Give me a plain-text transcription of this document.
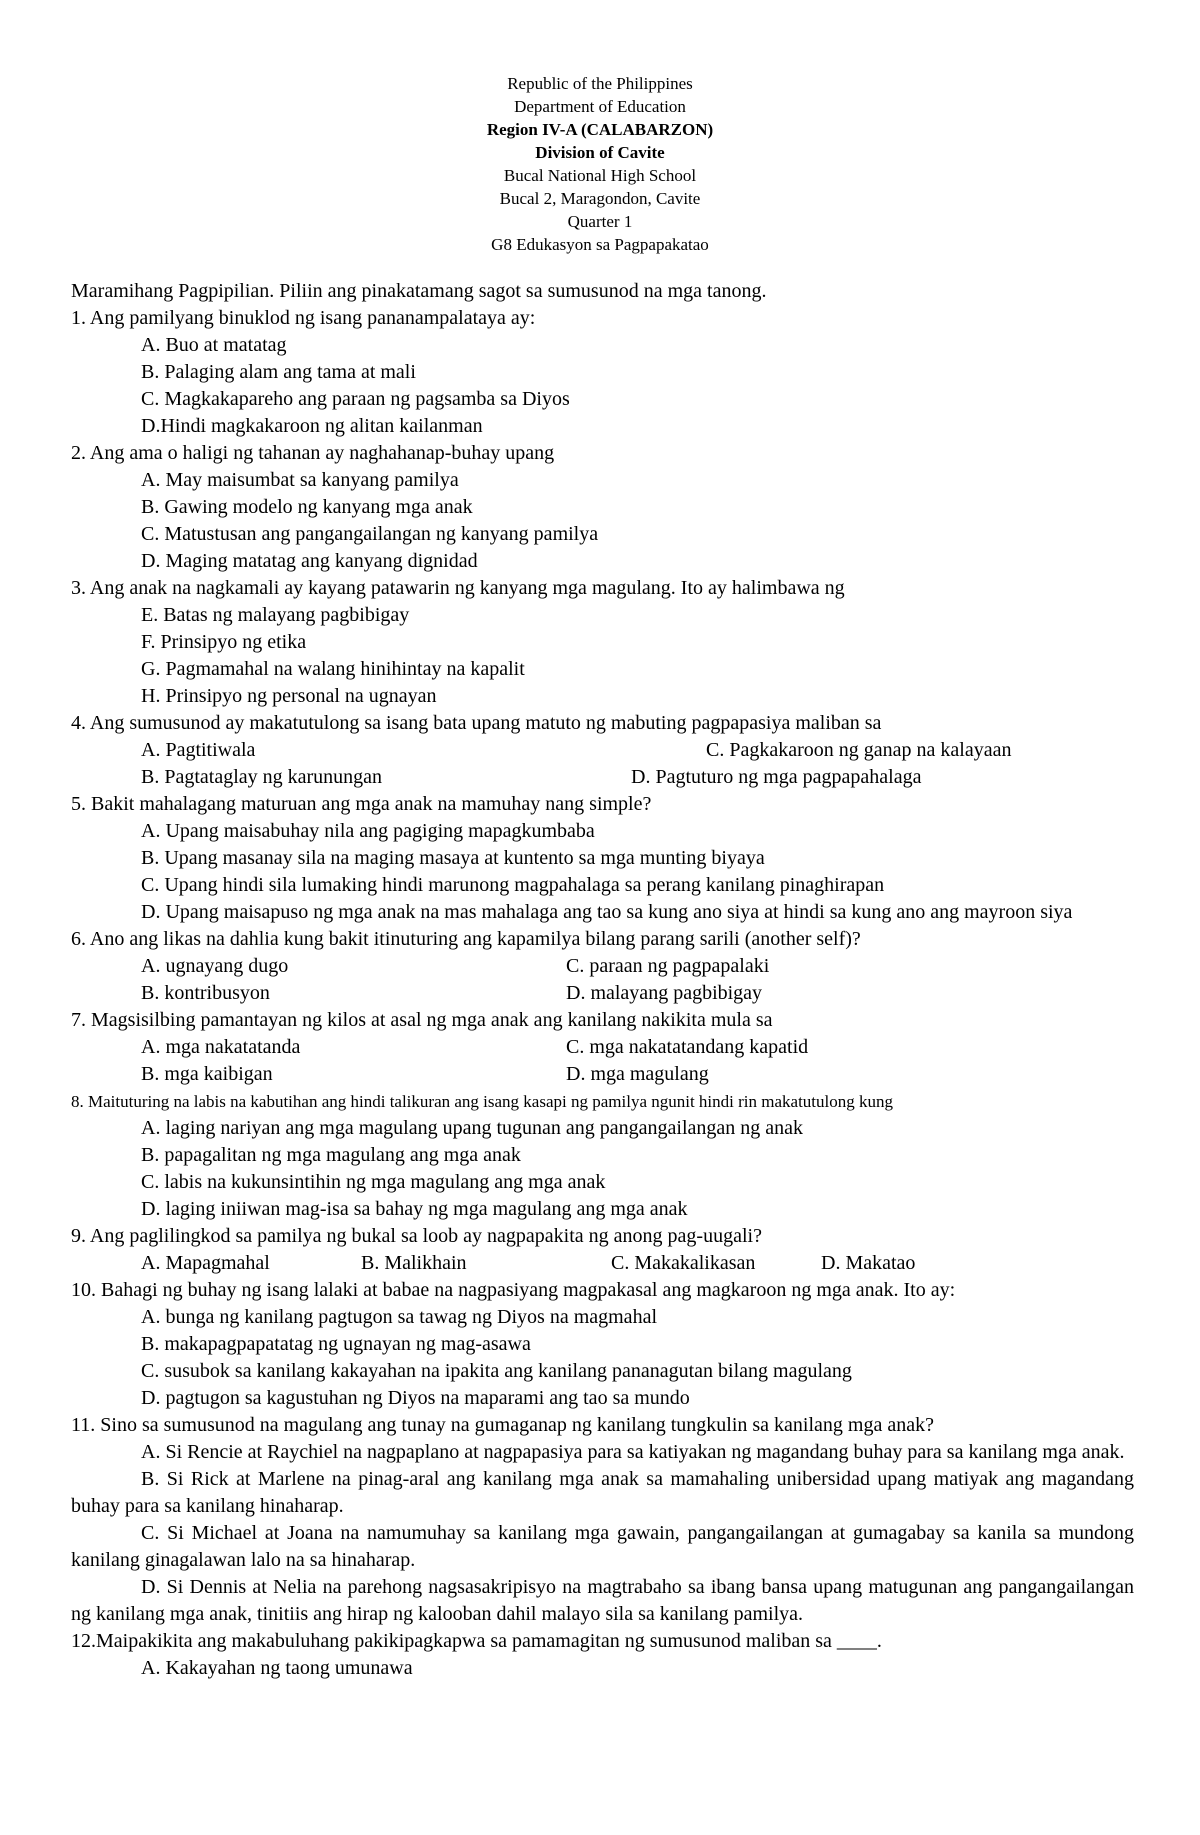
Republic of the Philippines
Department of Education
Region IV-A (CALABARZON)
Division of Cavite
Bucal National High School
Bucal 2, Maragondon, Cavite
Quarter 1
G8 Edukasyon sa Pagpapakatao
Maramihang Pagpipilian. Piliin ang pinakatamang sagot sa sumusunod na mga tanong.
1. Ang pamilyang binuklod ng isang pananampalataya ay:
A. Buo at matatag
B. Palaging alam ang tama at mali
C. Magkakapareho ang paraan ng pagsamba sa Diyos
D.Hindi magkakaroon ng alitan kailanman
2. Ang ama o haligi ng tahanan ay naghahanap-buhay upang
A. May maisumbat sa kanyang pamilya
B. Gawing modelo ng kanyang mga anak
C. Matustusan ang pangangailangan ng kanyang pamilya
D. Maging matatag ang kanyang dignidad
3. Ang anak na nagkamali ay kayang patawarin ng kanyang mga magulang. Ito ay halimbawa ng
E. Batas ng malayang pagbibigay
F. Prinsipyo ng etika
G. Pagmamahal na walang hinihintay na kapalit
H. Prinsipyo ng personal na ugnayan
4. Ang sumusunod ay makatutulong sa isang bata upang matuto ng mabuting pagpapasiya maliban sa
A. Pagtitiwala	C. Pagkakaroon ng ganap na kalayaan
B. Pagtataglay ng karunungan	D. Pagtuturo ng mga pagpapahalaga
5. Bakit mahalagang maturuan ang mga anak na mamuhay nang simple?
A. Upang maisabuhay nila ang pagiging mapagkumbaba
B. Upang masanay sila na maging masaya at kuntento sa mga munting biyaya
C. Upang hindi sila lumaking hindi marunong magpahalaga sa perang kanilang pinaghirapan
D. Upang maisapuso ng mga anak na mas mahalaga ang tao sa kung ano siya at hindi sa kung ano ang mayroon siya
6. Ano ang likas na dahlia kung bakit itinuturing ang kapamilya bilang parang sarili (another self)?
A. ugnayang dugo	C. paraan ng pagpapalaki
B. kontribusyon	D. malayang pagbibigay
7. Magsisilbing pamantayan ng kilos at asal ng mga anak ang kanilang nakikita mula sa
A. mga nakatatanda	C. mga nakatatandang kapatid
B. mga kaibigan	D. mga magulang
8. Maituturing na labis na kabutihan ang hindi talikuran ang isang kasapi ng pamilya ngunit hindi rin makatutulong kung
A. laging nariyan ang mga magulang upang tugunan ang pangangailangan ng anak
B. papagalitan ng mga magulang ang mga anak
C. labis na kukunsintihin ng mga magulang ang mga anak
D. laging iniiwan mag-isa sa bahay ng mga magulang ang mga anak
9. Ang paglilingkod sa pamilya ng bukal sa loob ay nagpapakita ng anong pag-uugali?
A. Mapagmahal	B. Malikhain	C. Makakalikasan	D. Makatao
10. Bahagi ng buhay ng isang lalaki at babae na nagpasiyang magpakasal ang magkaroon ng mga anak. Ito ay:
A. bunga ng kanilang pagtugon sa tawag ng Diyos na magmahal
B. makapagpapatatag ng ugnayan ng mag-asawa
C. susubok sa kanilang kakayahan na ipakita ang kanilang pananagutan bilang magulang
D. pagtugon sa kagustuhan ng Diyos na maparami ang tao sa mundo
11. Sino sa sumusunod na magulang ang tunay na gumaganap ng kanilang tungkulin sa kanilang mga anak?
A. Si Rencie at Raychiel na nagpaplano at nagpapasiya para sa katiyakan ng magandang buhay para sa kanilang mga anak.
B. Si Rick at Marlene na pinag-aral ang kanilang mga anak sa mamahaling unibersidad upang matiyak ang magandang buhay para sa kanilang hinaharap.
C. Si Michael at Joana na namumuhay sa kanilang mga gawain, pangangailangan at gumagabay sa kanila sa mundong kanilang ginagalawan lalo na sa hinaharap.
D. Si Dennis at Nelia na parehong nagsasakripisyo na magtrabaho sa ibang bansa upang matugunan ang pangangailangan ng kanilang mga anak, tinitiis ang hirap ng kalooban dahil malayo sila sa kanilang pamilya.
12.Maipakikita ang makabuluhang pakikipagkapwa sa pamamagitan ng sumusunod maliban sa ____.
A. Kakayahan ng taong umunawa
